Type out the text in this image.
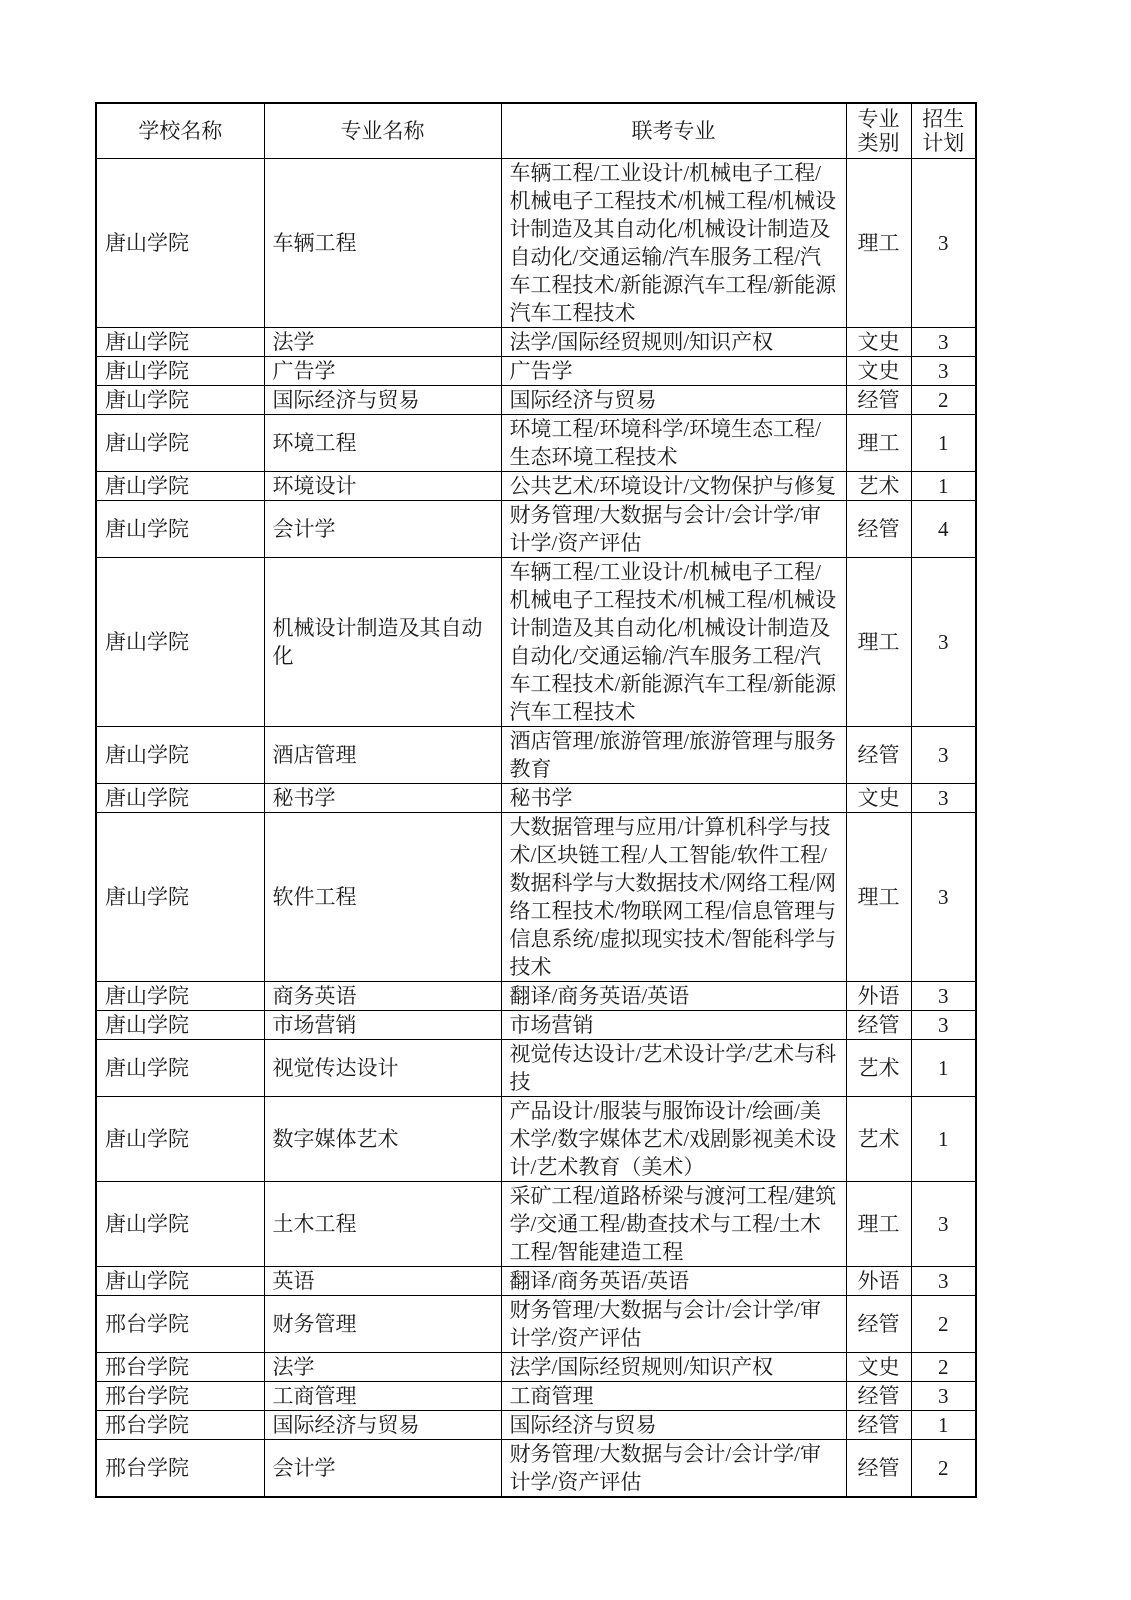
学校名称	专业名称	联考专业	专业类别	招生计划
唐山学院	车辆工程	车辆工程/工业设计/机械电子工程/机械电子工程技术/机械工程/机械设计制造及其自动化/机械设计制造及自动化/交通运输/汽车服务工程/汽车工程技术/新能源汽车工程/新能源汽车工程技术	理工	3
唐山学院	法学	法学/国际经贸规则/知识产权	文史	3
唐山学院	广告学	广告学	文史	3
唐山学院	国际经济与贸易	国际经济与贸易	经管	2
唐山学院	环境工程	环境工程/环境科学/环境生态工程/生态环境工程技术	理工	1
唐山学院	环境设计	公共艺术/环境设计/文物保护与修复	艺术	1
唐山学院	会计学	财务管理/大数据与会计/会计学/审计学/资产评估	经管	4
唐山学院	机械设计制造及其自动化	车辆工程/工业设计/机械电子工程/机械电子工程技术/机械工程/机械设计制造及其自动化/机械设计制造及自动化/交通运输/汽车服务工程/汽车工程技术/新能源汽车工程/新能源汽车工程技术	理工	3
唐山学院	酒店管理	酒店管理/旅游管理/旅游管理与服务教育	经管	3
唐山学院	秘书学	秘书学	文史	3
唐山学院	软件工程	大数据管理与应用/计算机科学与技术/区块链工程/人工智能/软件工程/数据科学与大数据技术/网络工程/网络工程技术/物联网工程/信息管理与信息系统/虚拟现实技术/智能科学与技术	理工	3
唐山学院	商务英语	翻译/商务英语/英语	外语	3
唐山学院	市场营销	市场营销	经管	3
唐山学院	视觉传达设计	视觉传达设计/艺术设计学/艺术与科技	艺术	1
唐山学院	数字媒体艺术	产品设计/服装与服饰设计/绘画/美术学/数字媒体艺术/戏剧影视美术设计/艺术教育（美术）	艺术	1
唐山学院	土木工程	采矿工程/道路桥梁与渡河工程/建筑学/交通工程/勘查技术与工程/土木工程/智能建造工程	理工	3
唐山学院	英语	翻译/商务英语/英语	外语	3
邢台学院	财务管理	财务管理/大数据与会计/会计学/审计学/资产评估	经管	2
邢台学院	法学	法学/国际经贸规则/知识产权	文史	2
邢台学院	工商管理	工商管理	经管	3
邢台学院	国际经济与贸易	国际经济与贸易	经管	1
邢台学院	会计学	财务管理/大数据与会计/会计学/审计学/资产评估	经管	2
